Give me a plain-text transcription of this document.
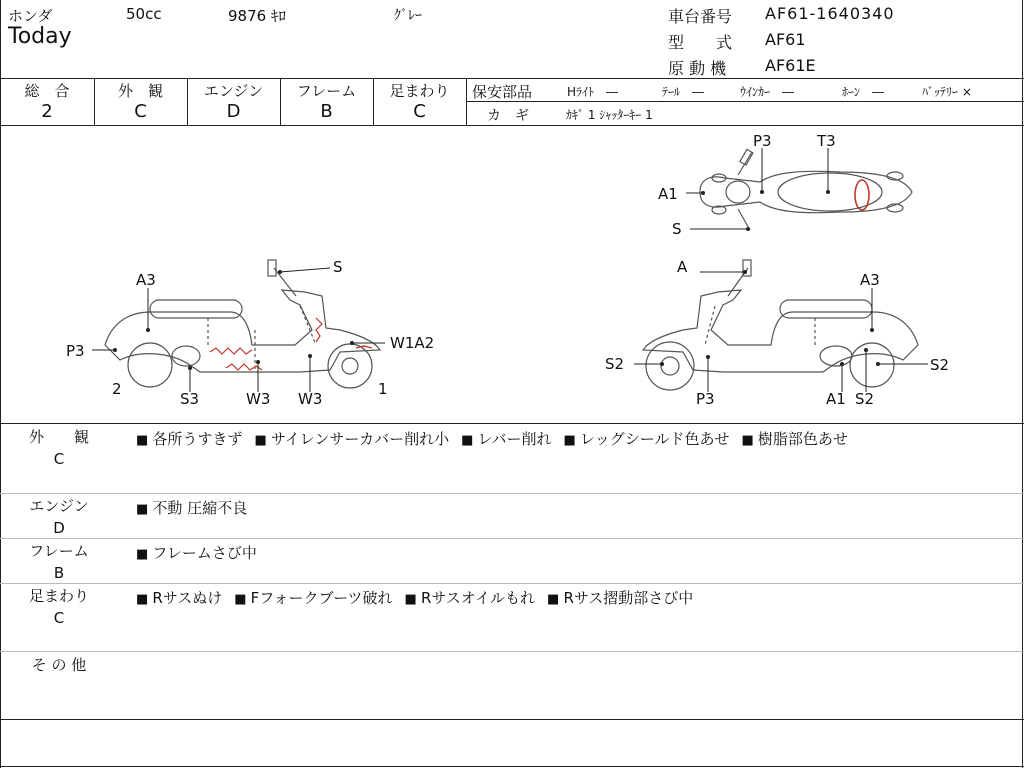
ホンダ	50cc	9876 ｷﾛ	ｸﾞﾚｰ
Today
車台番号 AF61-1640340
型　　式 AF61
原 動 機 AF61E
総　合
2
外　観
C
エンジン
D
フレーム
B
足まわり
C
保安部品	Hﾗｲﾄ　―	ﾃｰﾙ　―	ｳｲﾝｶｰ　―	ﾎｰﾝ　―	ﾊﾞｯﾃﾘｰ ×
カ　ギ	ｶｷﾞ 1 ｼｬｯﾀｰｷｰ 1
P3	T3
A1
S
A3
S
P3	W1A2
2	1
S3	W3 W3
A
A3
S2	S2
P3	A1 S2
外　　観
C
■ 各所うすきず	■ サイレンサーカバー削れ小	■ レバー削れ	■ レッグシールド色あせ	■ 樹脂部色あせ
エンジン
D
■ 不動 圧縮不良
フレーム
B
■ フレームさび中
足まわり
C
■ Rサスぬけ	■ Fフォークブーツ破れ	■ Rサスオイルもれ	■ Rサス摺動部さび中
そ の 他
